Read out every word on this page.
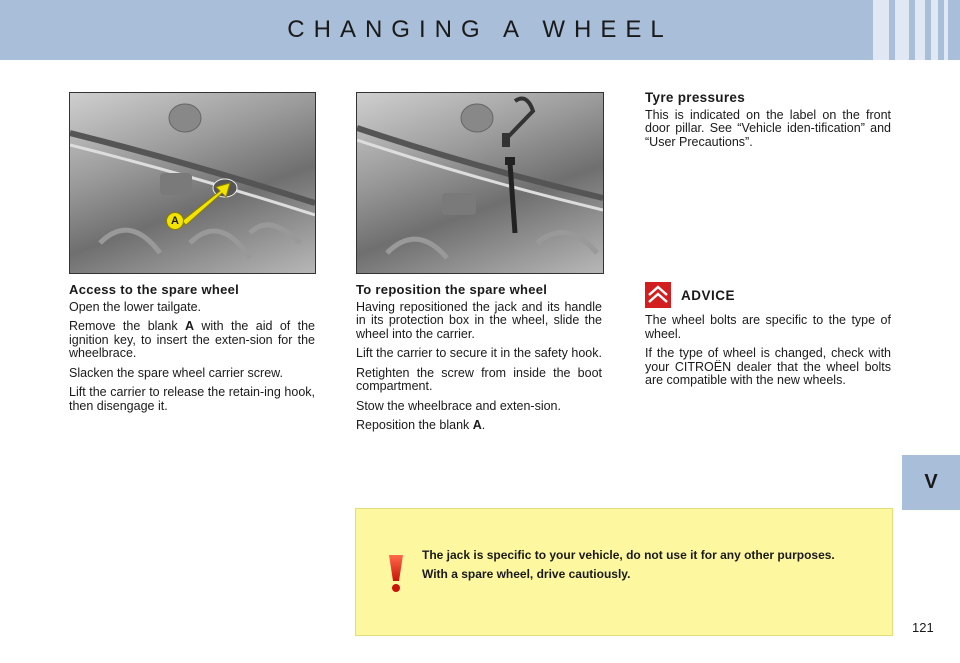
CHANGING A WHEEL
V
A
Access to the spare wheel

Open the lower tailgate.

Remove the blank A with the aid of the ignition key, to insert the exten-sion for the wheelbrace.

Slacken the spare wheel carrier screw.

Lift the carrier to release the retain-ing hook, then disengage it.

To reposition the spare wheel

Having repositioned the jack and its handle in its protection box in the wheel, slide the wheel into the carrier.

Lift the carrier to secure it in the safety hook.

Retighten the screw from inside the boot compartment.

Stow the wheelbrace and exten-sion.

Reposition the blank A.

Tyre pressures

This is indicated on the label on the front door pillar. See “Vehicle iden-tification” and “User Precautions”.

ADVICE

The wheel bolts are specific to the type of wheel.

If the type of wheel is changed, check with your CITROËN dealer that the wheel bolts are compatible with the new wheels.

The jack is specific to your vehicle, do not use it for any other purposes.

With a spare wheel, drive cautiously.

121
